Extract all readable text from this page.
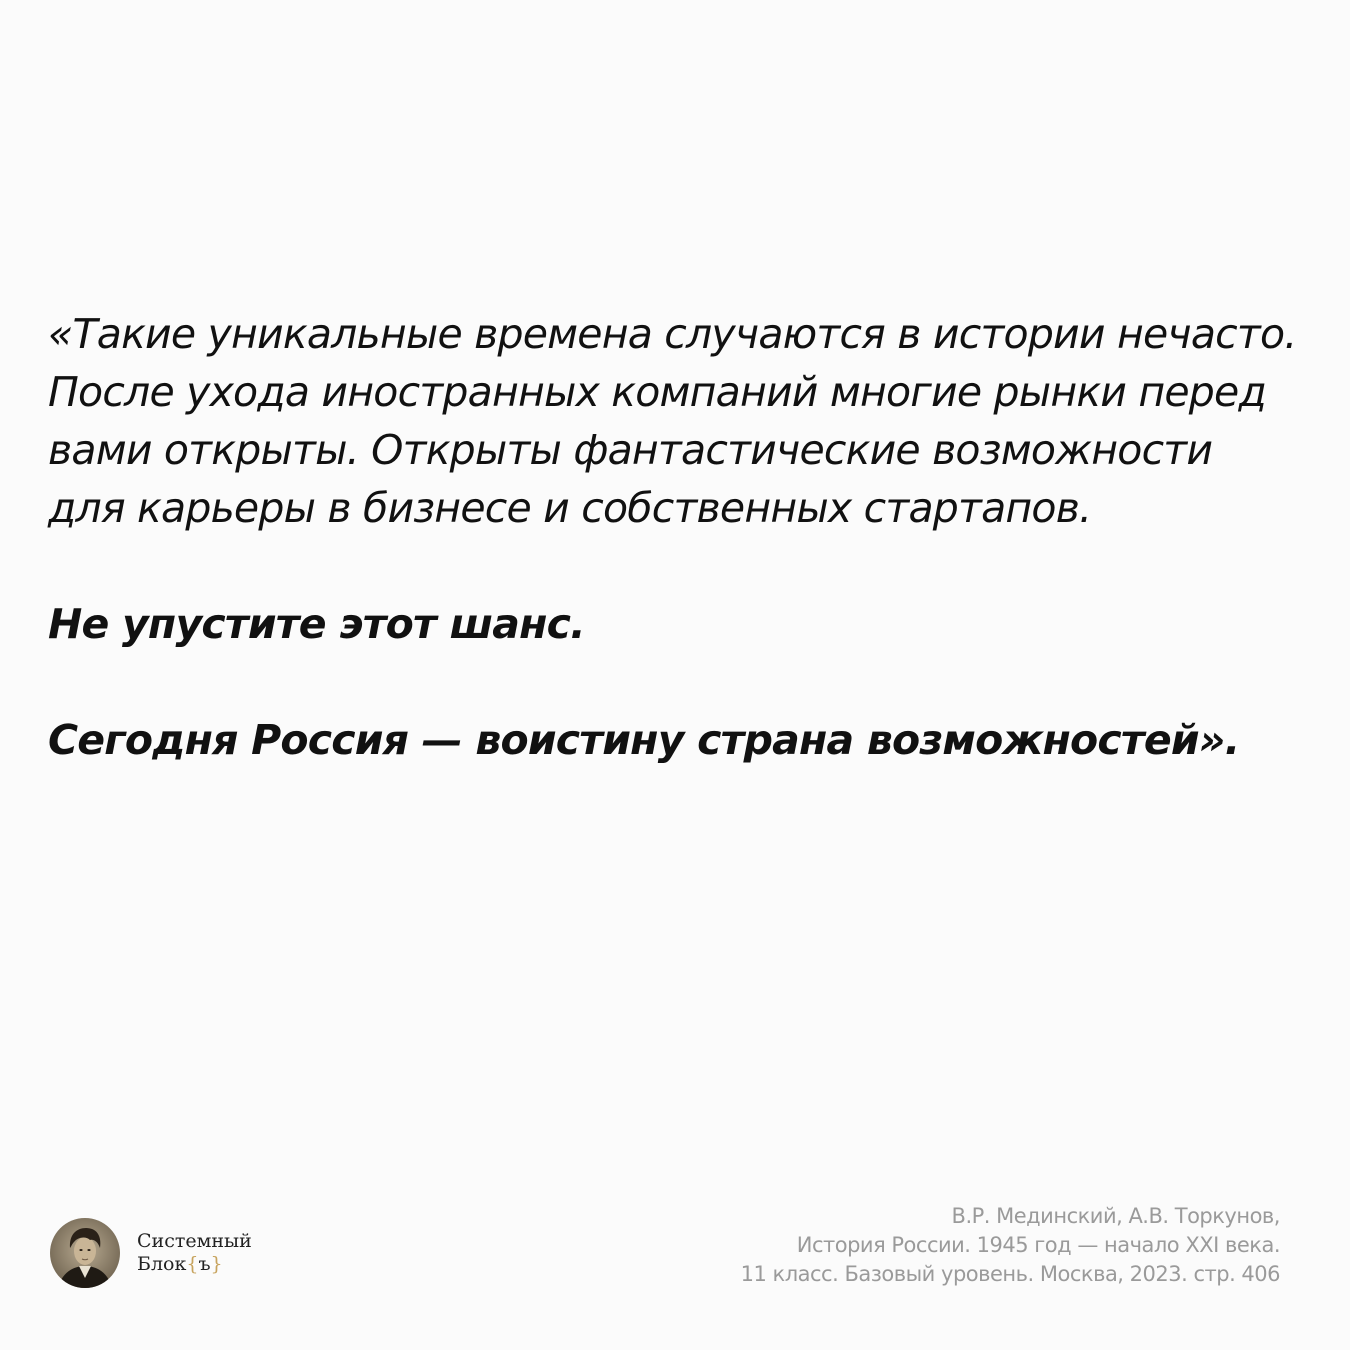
«Такие уникальные времена случаются в истории нечасто. После ухода иностранных компаний многие рынки перед вами открыты. Открыты фантастические возможности для карьеры в бизнесе и собственных стартапов.

Не упустите этот шанс.

Сегодня Россия — воистину страна возможностей».

Системный
Блок{ъ}
В.Р. Мединский, А.В. Торкунов,
История России. 1945 год — начало XXI века.
11 класс. Базовый уровень. Москва, 2023. стр. 406
